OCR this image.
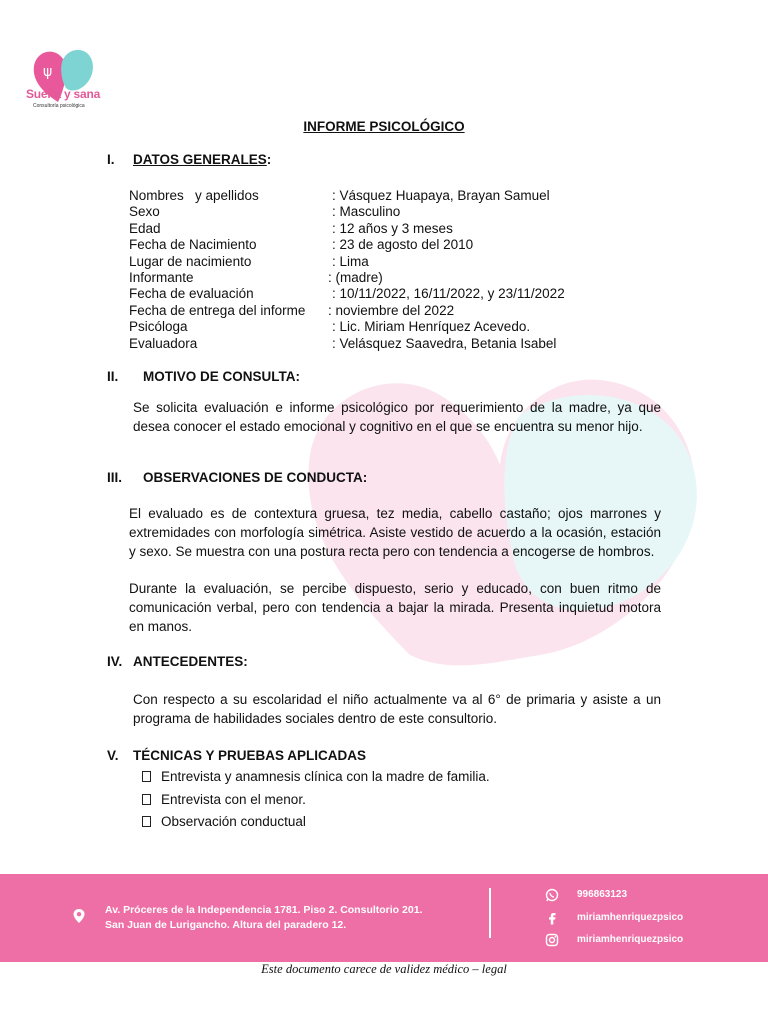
ψ
Suelta y sana
Consultoría psicológica
INFORME PSICOLÓGICO
I. DATOS GENERALES:
Nombres   y apellidos	: Vásquez Huapaya, Brayan Samuel
Sexo	: Masculino
Edad	: 12 años y 3 meses
Fecha de Nacimiento	: 23 de agosto del 2010
Lugar de nacimiento	: Lima
Informante	: (madre)
Fecha de evaluación	: 10/11/2022, 16/11/2022, y 23/11/2022
Fecha de entrega del informe : noviembre del 2022
Psicóloga	: Lic. Miriam Henríquez Acevedo.
Evaluadora	: Velásquez Saavedra, Betania Isabel
II. MOTIVO DE CONSULTA:

Se solicita evaluación e informe psicológico por requerimiento de la madre, ya que desea conocer el estado emocional y cognitivo en el que se encuentra su menor hijo.

III. OBSERVACIONES DE CONDUCTA:

El evaluado es de contextura gruesa, tez media, cabello castaño; ojos marrones y extremidades con morfología simétrica. Asiste vestido de acuerdo a la ocasión, estación y sexo. Se muestra con una postura recta pero con tendencia a encogerse de hombros.

Durante la evaluación, se percibe dispuesto, serio y educado, con buen ritmo de comunicación verbal, pero con tendencia a bajar la mirada. Presenta inquietud motora en manos.

IV. ANTECEDENTES:

Con respecto a su escolaridad el niño actualmente va al 6° de primaria y asiste a un programa de habilidades sociales dentro de este consultorio.

V. TÉCNICAS Y PRUEBAS APLICADAS
Entrevista y anamnesis clínica con la madre de familia.
Entrevista con el menor.
Observación conductual
Av. Próceres de la Independencia 1781. Piso 2. Consultorio 201.
San Juan de Lurigancho. Altura del paradero 12.
996863123
miriamhenriquezpsico
miriamhenriquezpsico
Este documento carece de validez médico – legal
